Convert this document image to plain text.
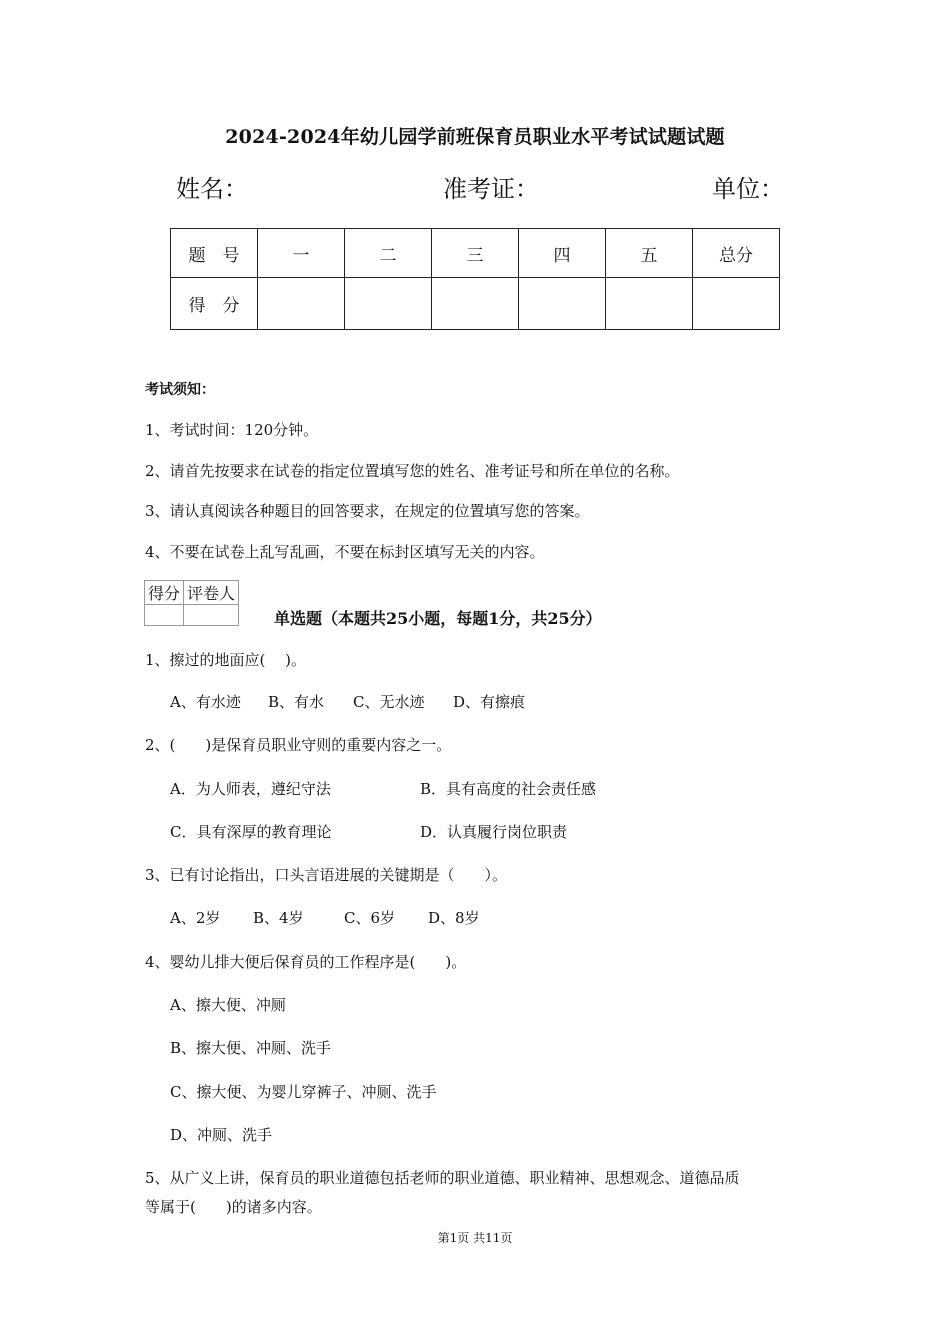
2024-2024年幼儿园学前班保育员职业水平考试试题试题
姓名：	准考证：	单位：
题　号	一	二	三	四	五	总分
得　分						
考试须知：
1、考试时间：120分钟。
2、请首先按要求在试卷的指定位置填写您的姓名、准考证号和所在单位的名称。
3、请认真阅读各种题目的回答要求，在规定的位置填写您的答案。
4、不要在试卷上乱写乱画，不要在标封区填写无关的内容。
得分	评卷人

单选题（本题共25小题，每题1分，共25分）
1、擦过的地面应(　 )。
A、有水迹 B、有水 C、无水迹 D、有擦痕
2、(　　)是保育员职业守则的重要内容之一。
A．为人师表，遵纪守法	B．具有高度的社会责任感
C．具有深厚的教育理论	D．认真履行岗位职责
3、已有讨论指出，口头言语进展的关键期是（　　）。
A、2岁 B、4岁	C、6岁 D、8岁
4、婴幼儿排大便后保育员的工作程序是(　　)。
A、擦大便、冲厕
B、擦大便、冲厕、洗手
C、擦大便、为婴儿穿裤子、冲厕、洗手
D、冲厕、洗手
5、从广义上讲，保育员的职业道德包括老师的职业道德、职业精神、思想观念、道德品质
等属于(　　)的诸多内容。
第1页 共11页
